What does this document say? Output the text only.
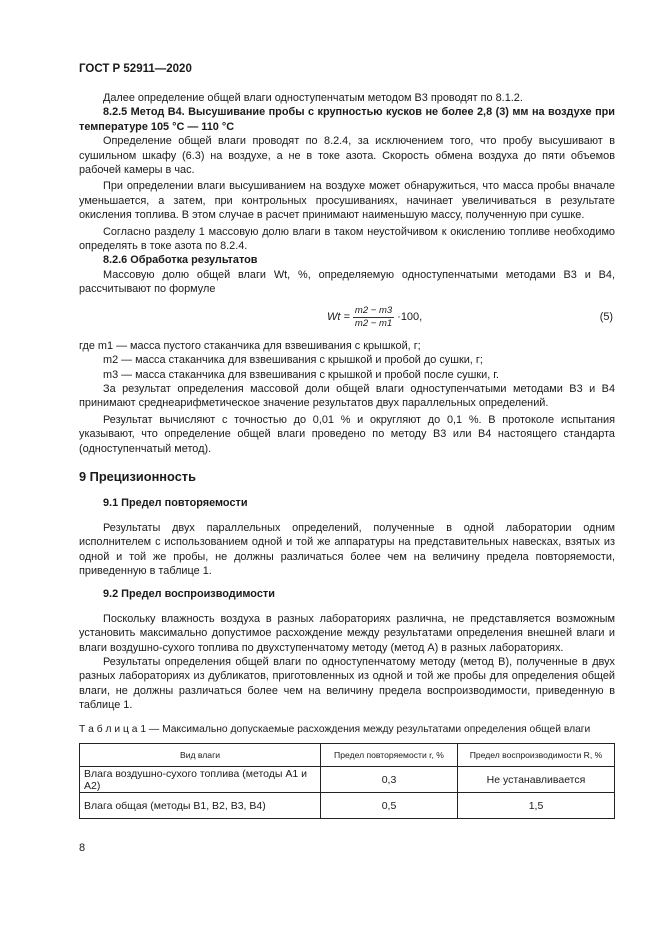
ГОСТ Р 52911—2020

Далее определение общей влаги одноступенчатым методом В3 проводят по 8.1.2.

8.2.5 Метод В4. Высушивание пробы с крупностью кусков не более 2,8 (3) мм на воздухе при температуре 105 °С — 110 °С

Определение общей влаги проводят по 8.2.4, за исключением того, что пробу высушивают в сушильном шкафу (6.3) на воздухе, а не в токе азота. Скорость обмена воздуха до пяти объемов рабочей камеры в час.

При определении влаги высушиванием на воздухе может обнаружиться, что масса пробы вначале уменьшается, а затем, при контрольных просушиваниях, начинает увеличиваться в результате окисления топлива. В этом случае в расчет принимают наименьшую массу, полученную при сушке.

Согласно разделу 1 массовую долю влаги в таком неустойчивом к окислению топливе необходимо определять в токе азота по 8.2.4.

8.2.6 Обработка результатов

Массовую долю общей влаги Wt, %, определяемую одноступенчатыми методами В3 и В4, рассчитывают по формуле

$Wt = \frac{m2 - m3}{m2 - m1} \cdot 100$,	(5)

где m1 — масса пустого стаканчика для взвешивания с крышкой, г;

m2 — масса стаканчика для взвешивания с крышкой и пробой до сушки, г;

m3 — масса стаканчика для взвешивания с крышкой и пробой после сушки, г.

За результат определения массовой доли общей влаги одноступенчатыми методами В3 и В4 принимают среднеарифметическое значение результатов двух параллельных определений.

Результат вычисляют с точностью до 0,01 % и округляют до 0,1 %. В протоколе испытания указывают, что определение общей влаги проведено по методу В3 или В4 настоящего стандарта (одноступенчатый метод).

9 Прецизионность

9.1 Предел повторяемости

Результаты двух параллельных определений, полученные в одной лаборатории одним исполнителем с использованием одной и той же аппаратуры на представительных навесках, взятых из одной и той же пробы, не должны различаться более чем на величину предела повторяемости, приведенную в таблице 1.

9.2 Предел воспроизводимости

Поскольку влажность воздуха в разных лабораториях различна, не представляется возможным установить максимально допустимое расхождение между результатами определения внешней влаги и влаги воздушно-сухого топлива по двухступенчатому методу (метод А) в разных лабораториях.

Результаты определения общей влаги по одноступенчатому методу (метод В), полученные в двух разных лабораториях из дубликатов, приготовленных из одной и той же пробы для определения общей влаги, не должны различаться более чем на величину предела воспроизводимости, приведенную в таблице 1.

Т а б л и ц а 1 — Максимально допускаемые расхождения между результатами определения общей влаги

Вид влаги	Предел повторяемости r, %	Предел воспроизводимости R, %
Влага воздушно-сухого топлива (методы А1 и А2)	0,3	Не устанавливается
Влага общая (методы В1, В2, В3, В4)	0,5	1,5
8
